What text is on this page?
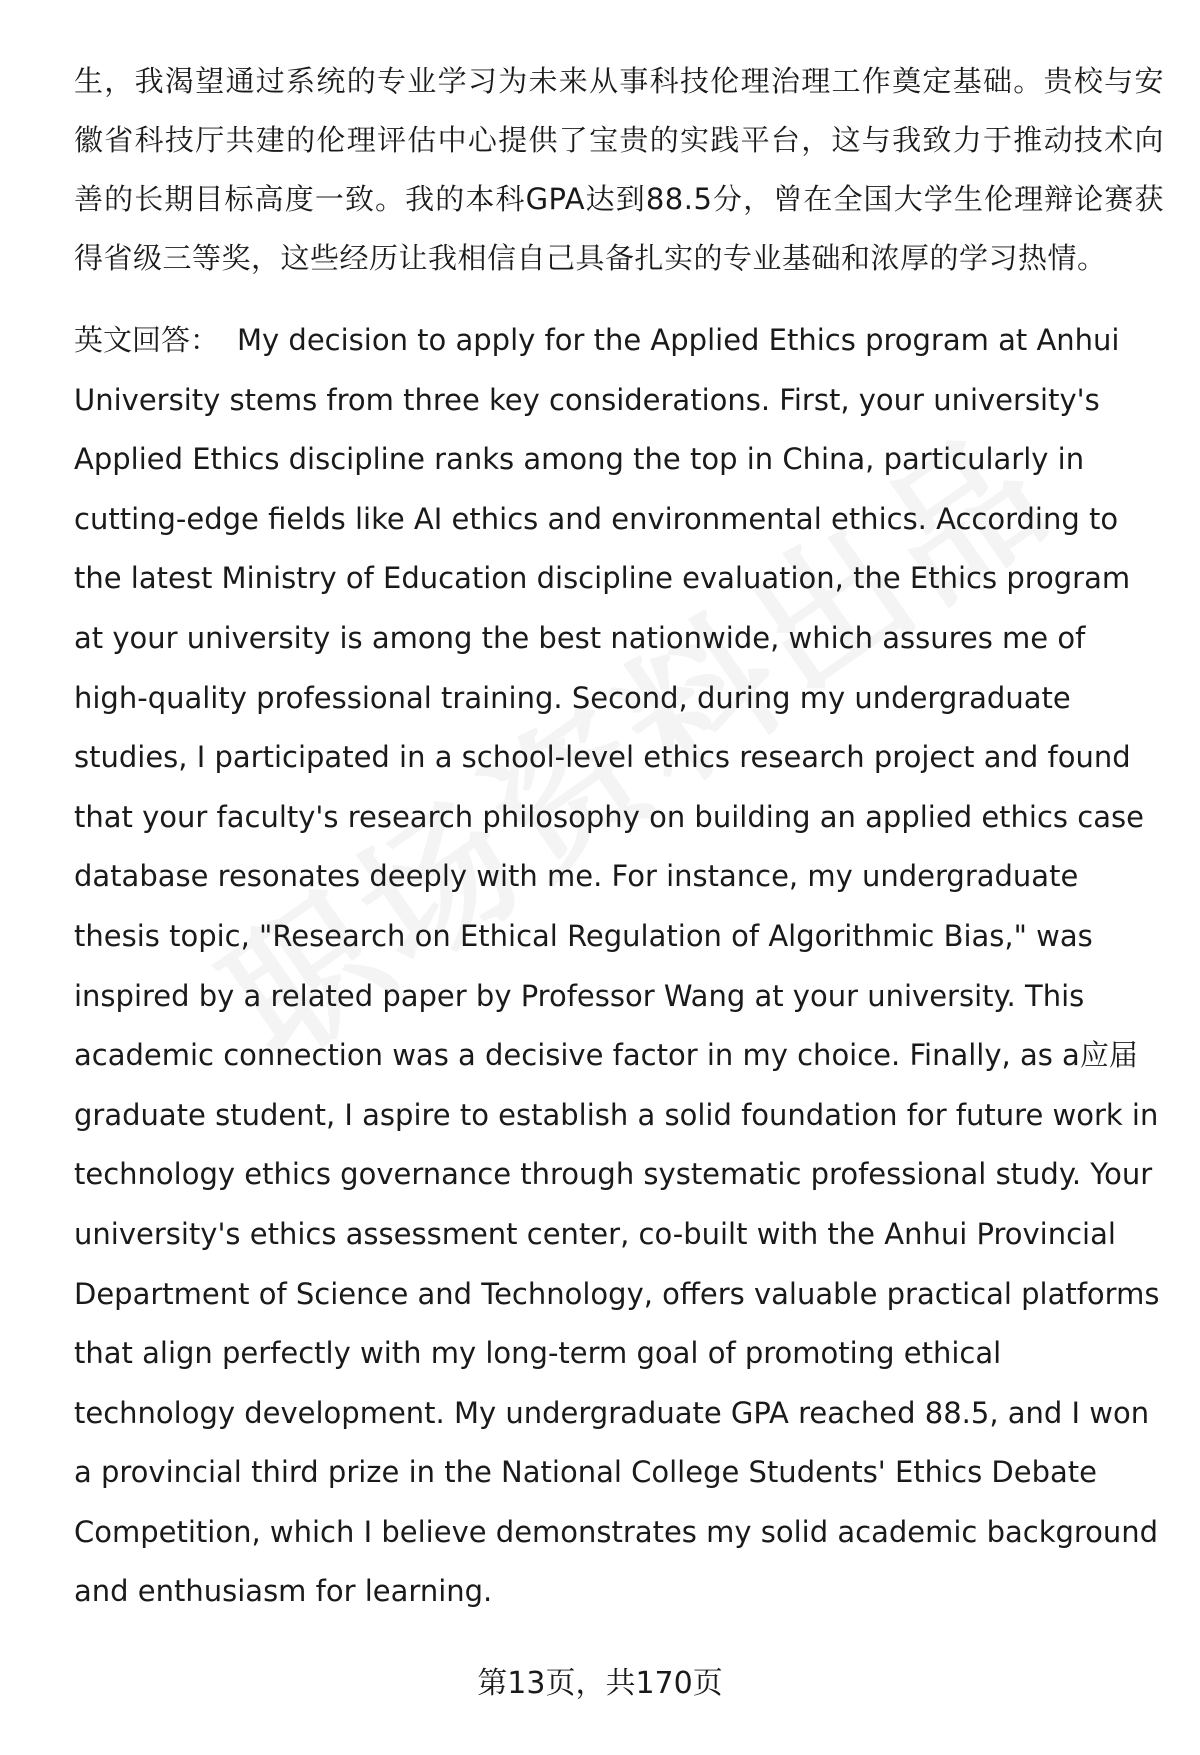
生，我渴望通过系统的专业学习为未来从事科技伦理治理工作奠定基础。贵校与安徽省科技厅共建的伦理评估中心提供了宝贵的实践平台，这与我致力于推动技术向善的长期目标高度一致。我的本科GPA达到88.5分，曾在全国大学生伦理辩论赛获得省级三等奖，这些经历让我相信自己具备扎实的专业基础和浓厚的学习热情。

英文回答： My decision to apply for the Applied Ethics program at Anhui University stems from three key considerations. First, your university's Applied Ethics discipline ranks among the top in China, particularly in cutting-edge fields like AI ethics and environmental ethics. According to the latest Ministry of Education discipline evaluation, the Ethics program at your university is among the best nationwide, which assures me of high-quality professional training. Second, during my undergraduate studies, I participated in a school-level ethics research project and found that your faculty's research philosophy on building an applied ethics case database resonates deeply with me. For instance, my undergraduate thesis topic, "Research on Ethical Regulation of Algorithmic Bias," was inspired by a related paper by Professor Wang at your university. This academic connection was a decisive factor in my choice. Finally, as a应届graduate student, I aspire to establish a solid foundation for future work in technology ethics governance through systematic professional study. Your university's ethics assessment center, co-built with the Anhui Provincial Department of Science and Technology, offers valuable practical platforms that align perfectly with my long-term goal of promoting ethical technology development. My undergraduate GPA reached 88.5, and I won a provincial third prize in the National College Students' Ethics Debate Competition, which I believe demonstrates my solid academic background and enthusiasm for learning.

第13页，共170页
